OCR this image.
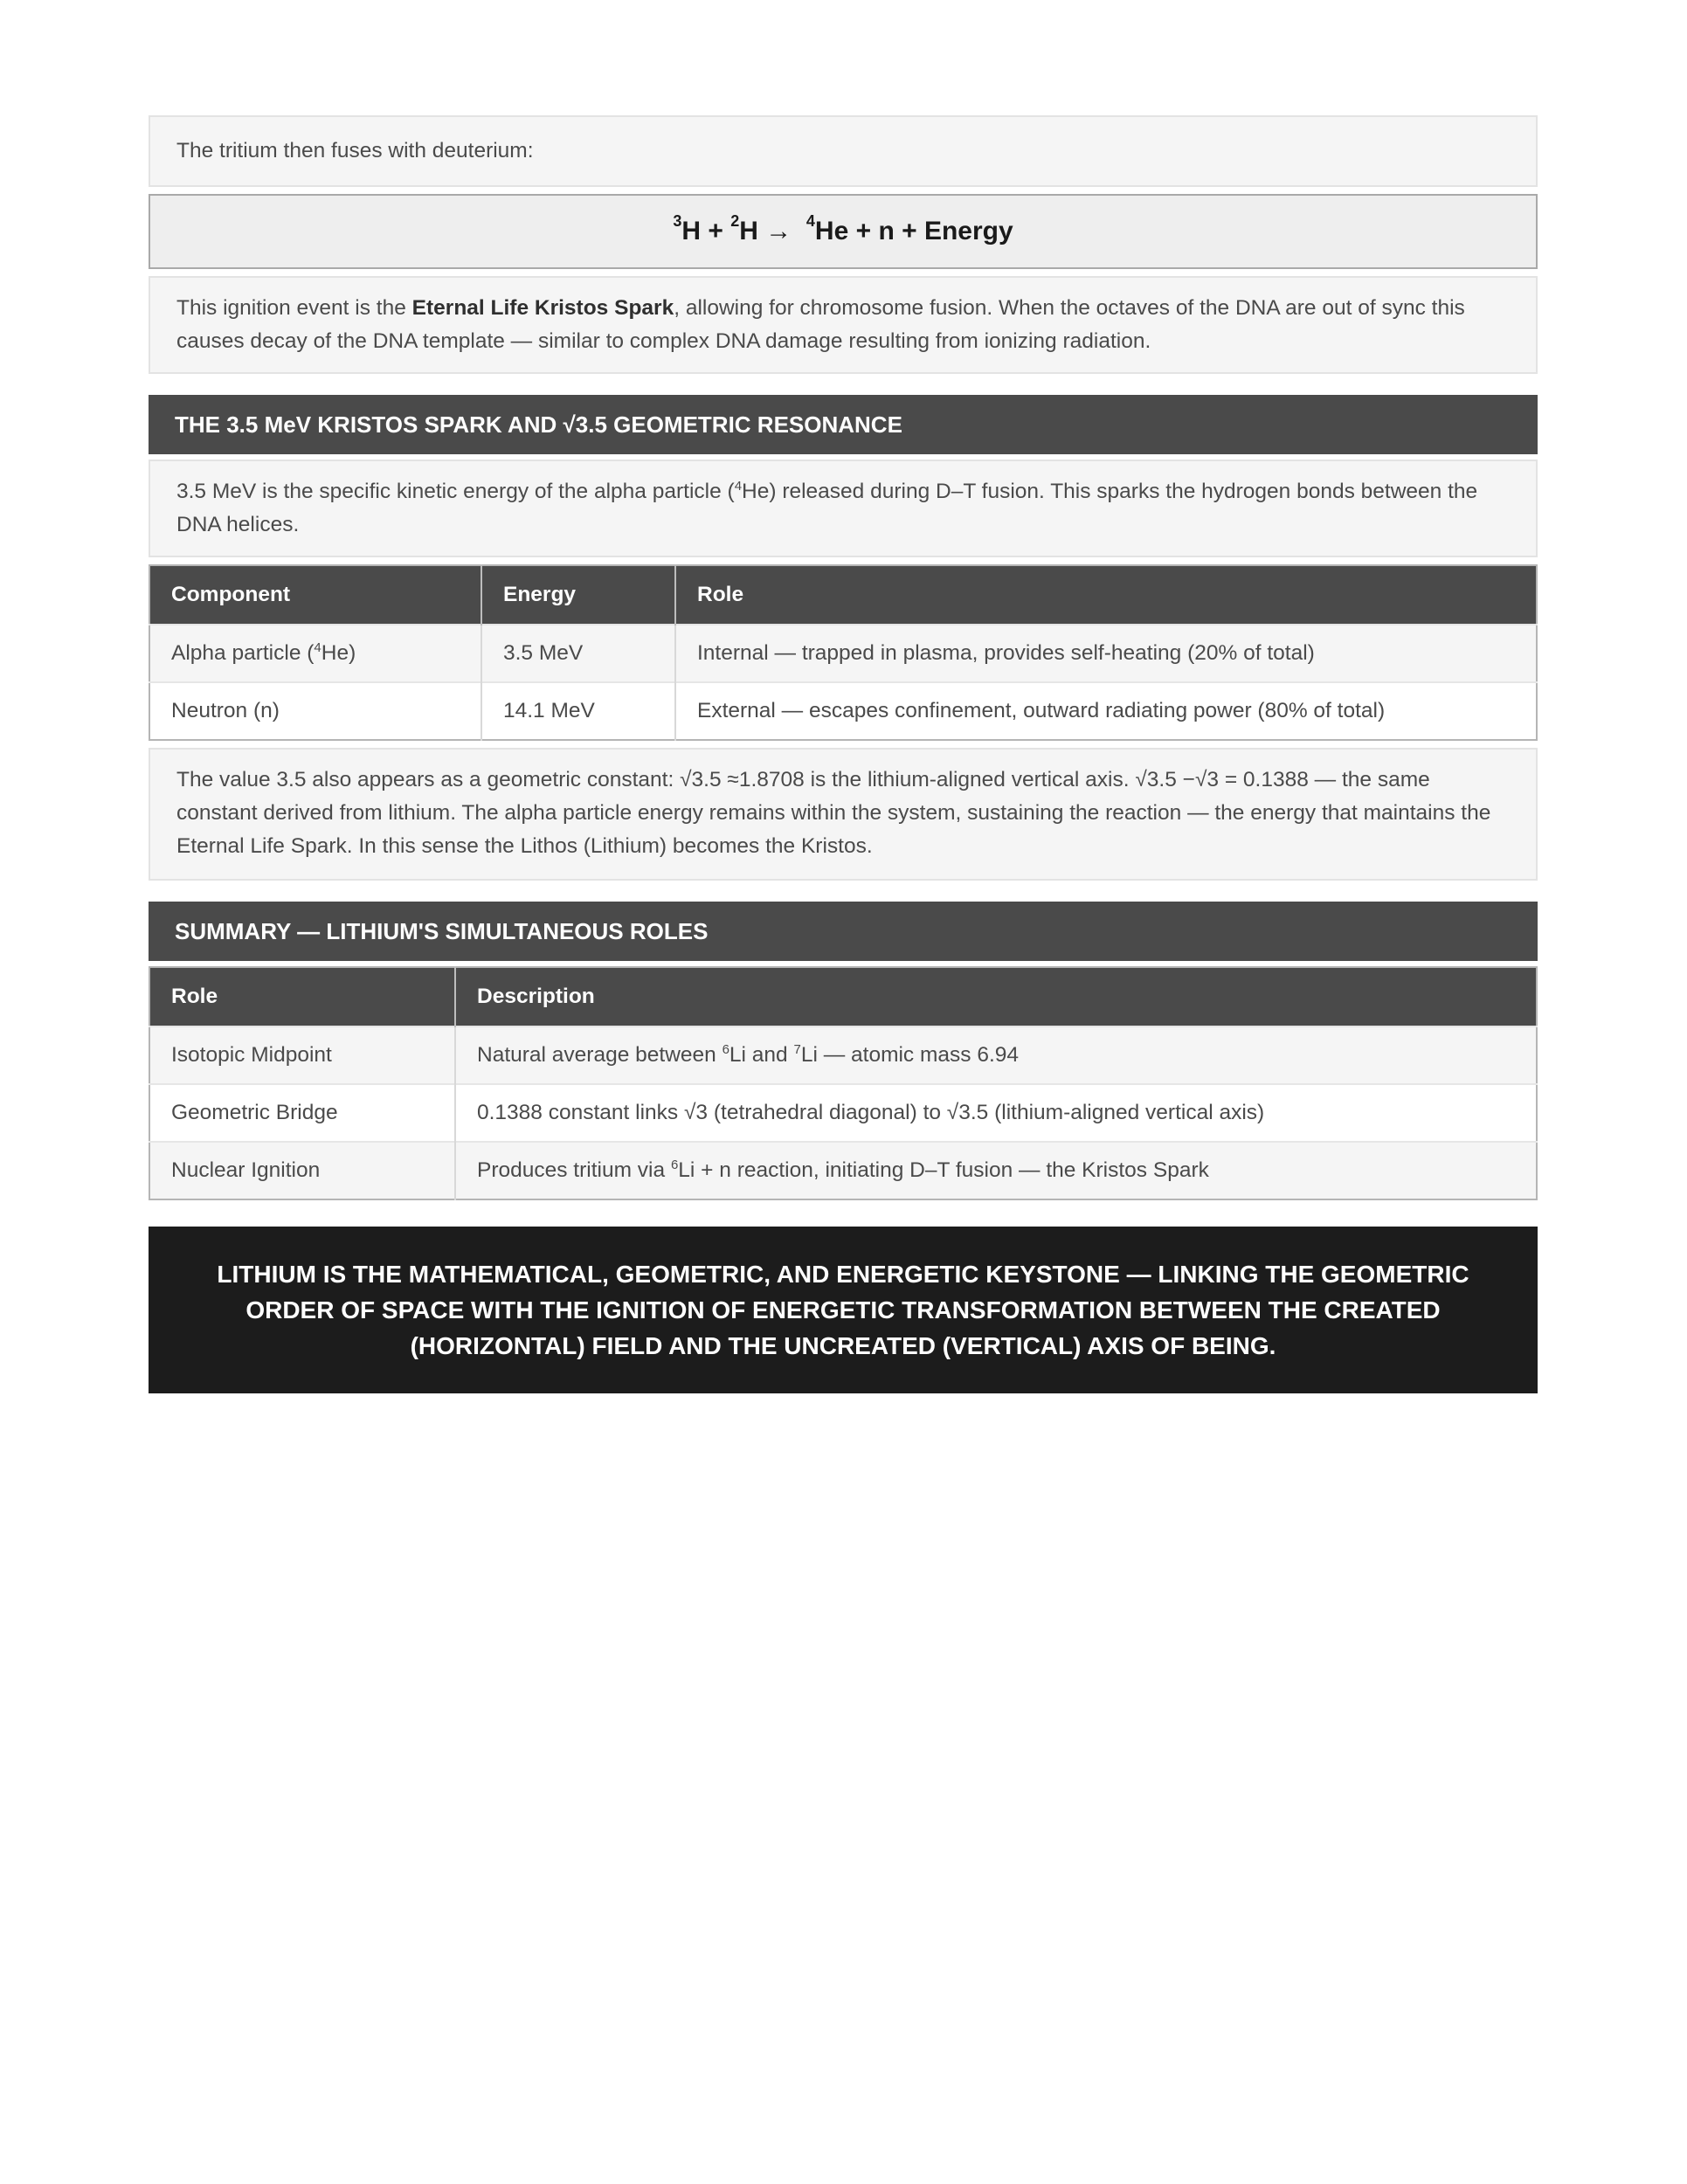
The tritium then fuses with deuterium:
$^3$H + $^2$H →  $^4$He + n + Energy
This ignition event is the Eternal Life Kristos Spark, allowing for chromosome fusion. When the octaves of the DNA are out of sync this causes decay of the DNA template — similar to complex DNA damage resulting from ionizing radiation.
THE 3.5 MeV KRISTOS SPARK AND √3.5 GEOMETRIC RESONANCE
3.5 MeV is the specific kinetic energy of the alpha particle ($^4$He) released during D–T fusion. This sparks the hydrogen bonds between the DNA helices.
Component	Energy	Role
Alpha particle ($^4$He)	3.5 MeV	Internal — trapped in plasma, provides self-heating (20% of total)
Neutron (n)	14.1 MeV	External — escapes confinement, outward radiating power (80% of total)
The value 3.5 also appears as a geometric constant: √3.5 ≈1.8708 is the lithium-aligned vertical axis. √3.5 −√3 = 0.1388 — the same constant derived from lithium. The alpha particle energy remains within the system, sustaining the reaction — the energy that maintains the Eternal Life Spark. In this sense the Lithos (Lithium) becomes the Kristos.
SUMMARY — LITHIUM'S SIMULTANEOUS ROLES
Role	Description
Isotopic Midpoint	Natural average between $^6$Li and $^7$Li — atomic mass 6.94
Geometric Bridge	0.1388 constant links √3 (tetrahedral diagonal) to √3.5 (lithium-aligned vertical axis)
Nuclear Ignition	Produces tritium via $^6$Li + n reaction, initiating D–T fusion — the Kristos Spark
LITHIUM IS THE MATHEMATICAL, GEOMETRIC, AND ENERGETIC KEYSTONE — LINKING THE GEOMETRIC ORDER OF SPACE WITH THE IGNITION OF ENERGETIC TRANSFORMATION BETWEEN THE CREATED (HORIZONTAL) FIELD AND THE UNCREATED (VERTICAL) AXIS OF BEING.
